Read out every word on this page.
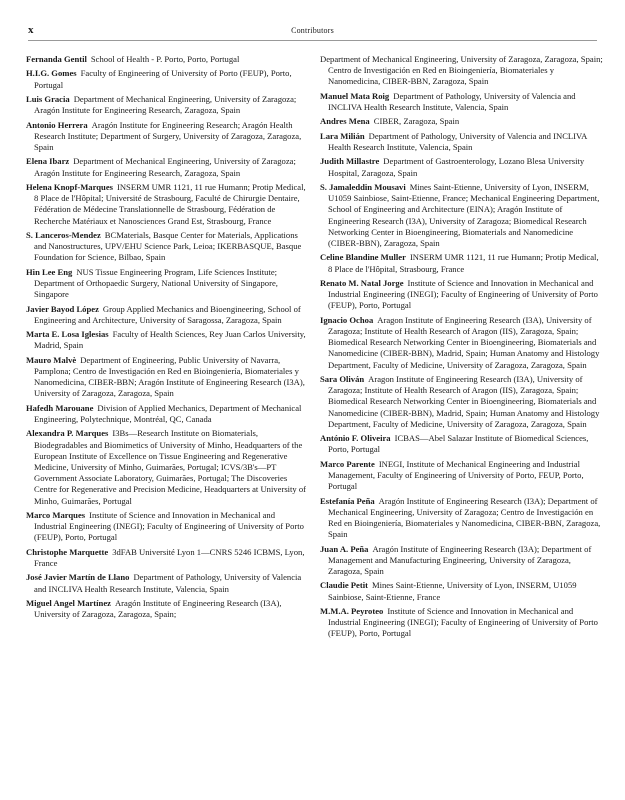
x	Contributors

Fernanda Gentil School of Health - P. Porto, Porto, Portugal

H.I.G. Gomes Faculty of Engineering of University of Porto (FEUP), Porto, Portugal

Luis Gracia Department of Mechanical Engineering, University of Zaragoza; Aragón Institute for Engineering Research, Zaragoza, Spain

Antonio Herrera Aragón Institute for Engineering Research; Aragón Health Research Institute; Department of Surgery, University of Zaragoza, Zaragoza, Spain

Elena Ibarz Department of Mechanical Engineering, University of Zaragoza; Aragón Institute for Engineering Research, Zaragoza, Spain

Helena Knopf-Marques INSERM UMR 1121, 11 rue Humann; Protip Medical, 8 Place de l'Hôpital; Université de Strasbourg, Faculté de Chirurgie Dentaire, Fédération de Médecine Translationnelle de Strasbourg, Fédération de Recherche Matériaux et Nanosciences Grand Est, Strasbourg, France

S. Lanceros-Mendez BCMaterials, Basque Center for Materials, Applications and Nanostructures, UPV/EHU Science Park, Leioa; IKERBASQUE, Basque Foundation for Science, Bilbao, Spain

Hin Lee Eng NUS Tissue Engineering Program, Life Sciences Institute; Department of Orthopaedic Surgery, National University of Singapore, Singapore

Javier Bayod López Group Applied Mechanics and Bioengineering, School of Engineering and Architecture, University of Saragossa, Zaragoza, Spain

Marta E. Losa Iglesias Faculty of Health Sciences, Rey Juan Carlos University, Madrid, Spain

Mauro Malvè Department of Engineering, Public University of Navarra, Pamplona; Centro de Investigación en Red en Bioingeniería, Biomateriales y Nanomedicina, CIBER-BBN; Aragón Institute of Engineering Research (I3A), University of Zaragoza, Zaragoza, Spain

Hafedh Marouane Division of Applied Mechanics, Department of Mechanical Engineering, Polytechnique, Montréal, QC, Canada

Alexandra P. Marques I3Bs—Research Institute on Biomaterials, Biodegradables and Biomimetics of University of Minho, Headquarters of the European Institute of Excellence on Tissue Engineering and Regenerative Medicine, University of Minho, Guimarães, Portugal; ICVS/3B's—PT Government Associate Laboratory, Guimarães, Portugal; The Discoveries Centre for Regenerative and Precision Medicine, Headquarters at University of Minho, Guimarães, Portugal

Marco Marques Institute of Science and Innovation in Mechanical and Industrial Engineering (INEGI); Faculty of Engineering of University of Porto (FEUP), Porto, Portugal

Christophe Marquette 3dFAB Université Lyon 1—CNRS 5246 ICBMS, Lyon, France

José Javier Martín de Llano Department of Pathology, University of Valencia and INCLIVA Health Research Institute, Valencia, Spain

Miguel Angel Martínez Aragón Institute of Engineering Research (I3A), University of Zaragoza, Zaragoza, Spain;

Department of Mechanical Engineering, University of Zaragoza, Zaragoza, Spain; Centro de Investigación en Red en Bioingeniería, Biomateriales y Nanomedicina, CIBER-BBN, Zaragoza, Spain

Manuel Mata Roig Department of Pathology, University of Valencia and INCLIVA Health Research Institute, Valencia, Spain

Andres Mena CIBER, Zaragoza, Spain

Lara Milián Department of Pathology, University of Valencia and INCLIVA Health Research Institute, Valencia, Spain

Judith Millastre Department of Gastroenterology, Lozano Blesa University Hospital, Zaragoza, Spain

S. Jamaleddin Mousavi Mines Saint-Etienne, University of Lyon, INSERM, U1059 Sainbiose, Saint-Etienne, France; Mechanical Engineering Department, School of Engineering and Architecture (EINA); Aragón Institute of Engineering Research (I3A), University of Zaragoza; Biomedical Research Networking Center in Bioengineering, Biomaterials and Nanomedicine (CIBER-BBN), Zaragoza, Spain

Celine Blandine Muller INSERM UMR 1121, 11 rue Humann; Protip Medical, 8 Place de l'Hôpital, Strasbourg, France

Renato M. Natal Jorge Institute of Science and Innovation in Mechanical and Industrial Engineering (INEGI); Faculty of Engineering of University of Porto (FEUP), Porto, Portugal

Ignacio Ochoa Aragon Institute of Engineering Research (I3A), University of Zaragoza; Institute of Health Research of Aragon (IIS), Zaragoza, Spain; Biomedical Research Networking Center in Bioengineering, Biomaterials and Nanomedicine (CIBER-BBN), Madrid, Spain; Human Anatomy and Histology Department, Faculty of Medicine, University of Zaragoza, Zaragoza, Spain

Sara Oliván Aragon Institute of Engineering Research (I3A), University of Zaragoza; Institute of Health Research of Aragon (IIS), Zaragoza, Spain; Biomedical Research Networking Center in Bioengineering, Biomaterials and Nanomedicine (CIBER-BBN), Madrid, Spain; Human Anatomy and Histology Department, Faculty of Medicine, University of Zaragoza, Zaragoza, Spain

António F. Oliveira ICBAS—Abel Salazar Institute of Biomedical Sciences, Porto, Portugal

Marco Parente INEGI, Institute of Mechanical Engineering and Industrial Management, Faculty of Engineering of University of Porto, FEUP, Porto, Portugal

Estefanía Peña Aragón Institute of Engineering Research (I3A); Department of Mechanical Engineering, University of Zaragoza; Centro de Investigación en Red en Bioingeniería, Biomateriales y Nanomedicina, CIBER-BBN, Zaragoza, Spain

Juan A. Peña Aragón Institute of Engineering Research (I3A); Department of Management and Manufacturing Engineering, University of Zaragoza, Zaragoza, Spain

Claudie Petit Mines Saint-Etienne, University of Lyon, INSERM, U1059 Sainbiose, Saint-Etienne, France

M.M.A. Peyroteo Institute of Science and Innovation in Mechanical and Industrial Engineering (INEGI); Faculty of Engineering of University of Porto (FEUP), Porto, Portugal
